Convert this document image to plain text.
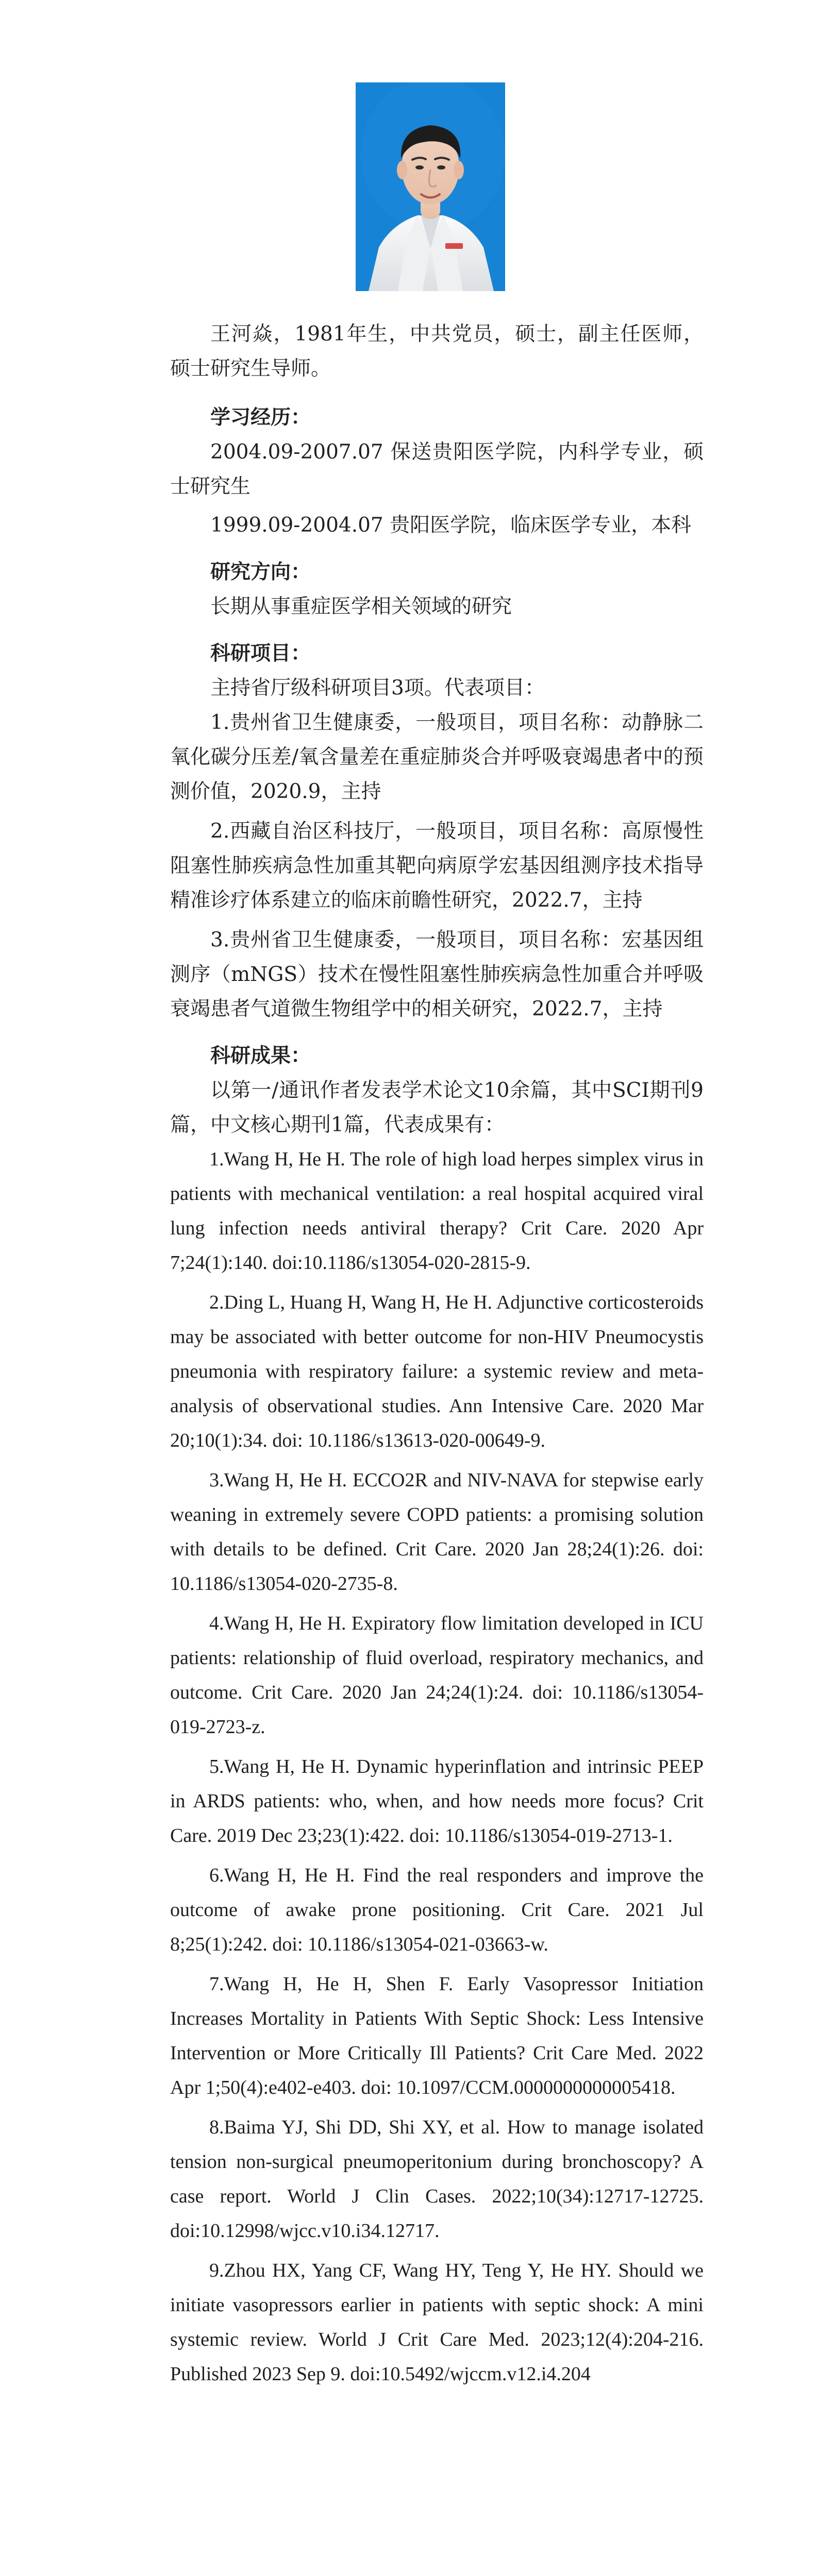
王河焱，1981年生，中共党员，硕士，副主任医师，硕士研究生导师。

学习经历：

2004.09-2007.07 保送贵阳医学院，内科学专业，硕士研究生

1999.09-2004.07 贵阳医学院，临床医学专业，本科

研究方向：

长期从事重症医学相关领域的研究

科研项目：

主持省厅级科研项目3项。代表项目：

1.贵州省卫生健康委，一般项目，项目名称：动静脉二氧化碳分压差/氧含量差在重症肺炎合并呼吸衰竭患者中的预测价值，2020.9，主持

2.西藏自治区科技厅，一般项目，项目名称：高原慢性阻塞性肺疾病急性加重其靶向病原学宏基因组测序技术指导精准诊疗体系建立的临床前瞻性研究，2022.7，主持

3.贵州省卫生健康委，一般项目，项目名称：宏基因组测序（mNGS）技术在慢性阻塞性肺疾病急性加重合并呼吸衰竭患者气道微生物组学中的相关研究，2022.7，主持

科研成果：

以第一/通讯作者发表学术论文10余篇，其中SCI期刊9篇，中文核心期刊1篇，代表成果有：

1.Wang H, He H. The role of high load herpes simplex virus in patients with mechanical ventilation: a real hospital acquired viral lung infection needs antiviral therapy? Crit Care. 2020 Apr 7;24(1):140. doi:10.1186/s13054-020-2815-9.

2.Ding L, Huang H, Wang H, He H. Adjunctive corticosteroids may be associated with better outcome for non-HIV Pneumocystis pneumonia with respiratory failure: a systemic review and meta-analysis of observational studies. Ann Intensive Care. 2020 Mar 20;10(1):34. doi: 10.1186/s13613-020-00649-9.

3.Wang H, He H. ECCO2R and NIV-NAVA for stepwise early weaning in extremely severe COPD patients: a promising solution with details to be defined. Crit Care. 2020 Jan 28;24(1):26. doi: 10.1186/s13054-020-2735-8.

4.Wang H, He H. Expiratory flow limitation developed in ICU patients: relationship of fluid overload, respiratory mechanics, and outcome. Crit Care. 2020 Jan 24;24(1):24. doi: 10.1186/s13054-019-2723-z.

5.Wang H, He H. Dynamic hyperinflation and intrinsic PEEP in ARDS patients: who, when, and how needs more focus? Crit Care. 2019 Dec 23;23(1):422. doi: 10.1186/s13054-019-2713-1.

6.Wang H, He H. Find the real responders and improve the outcome of awake prone positioning. Crit Care. 2021 Jul 8;25(1):242. doi: 10.1186/s13054-021-03663-w.

7.Wang H, He H, Shen F. Early Vasopressor Initiation Increases Mortality in Patients With Septic Shock: Less Intensive Intervention or More Critically Ill Patients? Crit Care Med. 2022 Apr 1;50(4):e402-e403. doi: 10.1097/CCM.0000000000005418.

8.Baima YJ, Shi DD, Shi XY, et al. How to manage isolated tension non-surgical pneumoperitonium during bronchoscopy? A case report. World J Clin Cases. 2022;10(34):12717-12725. doi:10.12998/wjcc.v10.i34.12717.

9.Zhou HX, Yang CF, Wang HY, Teng Y, He HY. Should we initiate vasopressors earlier in patients with septic shock: A mini systemic review. World J Crit Care Med. 2023;12(4):204-216. Published 2023 Sep 9. doi:10.5492/wjccm.v12.i4.204
